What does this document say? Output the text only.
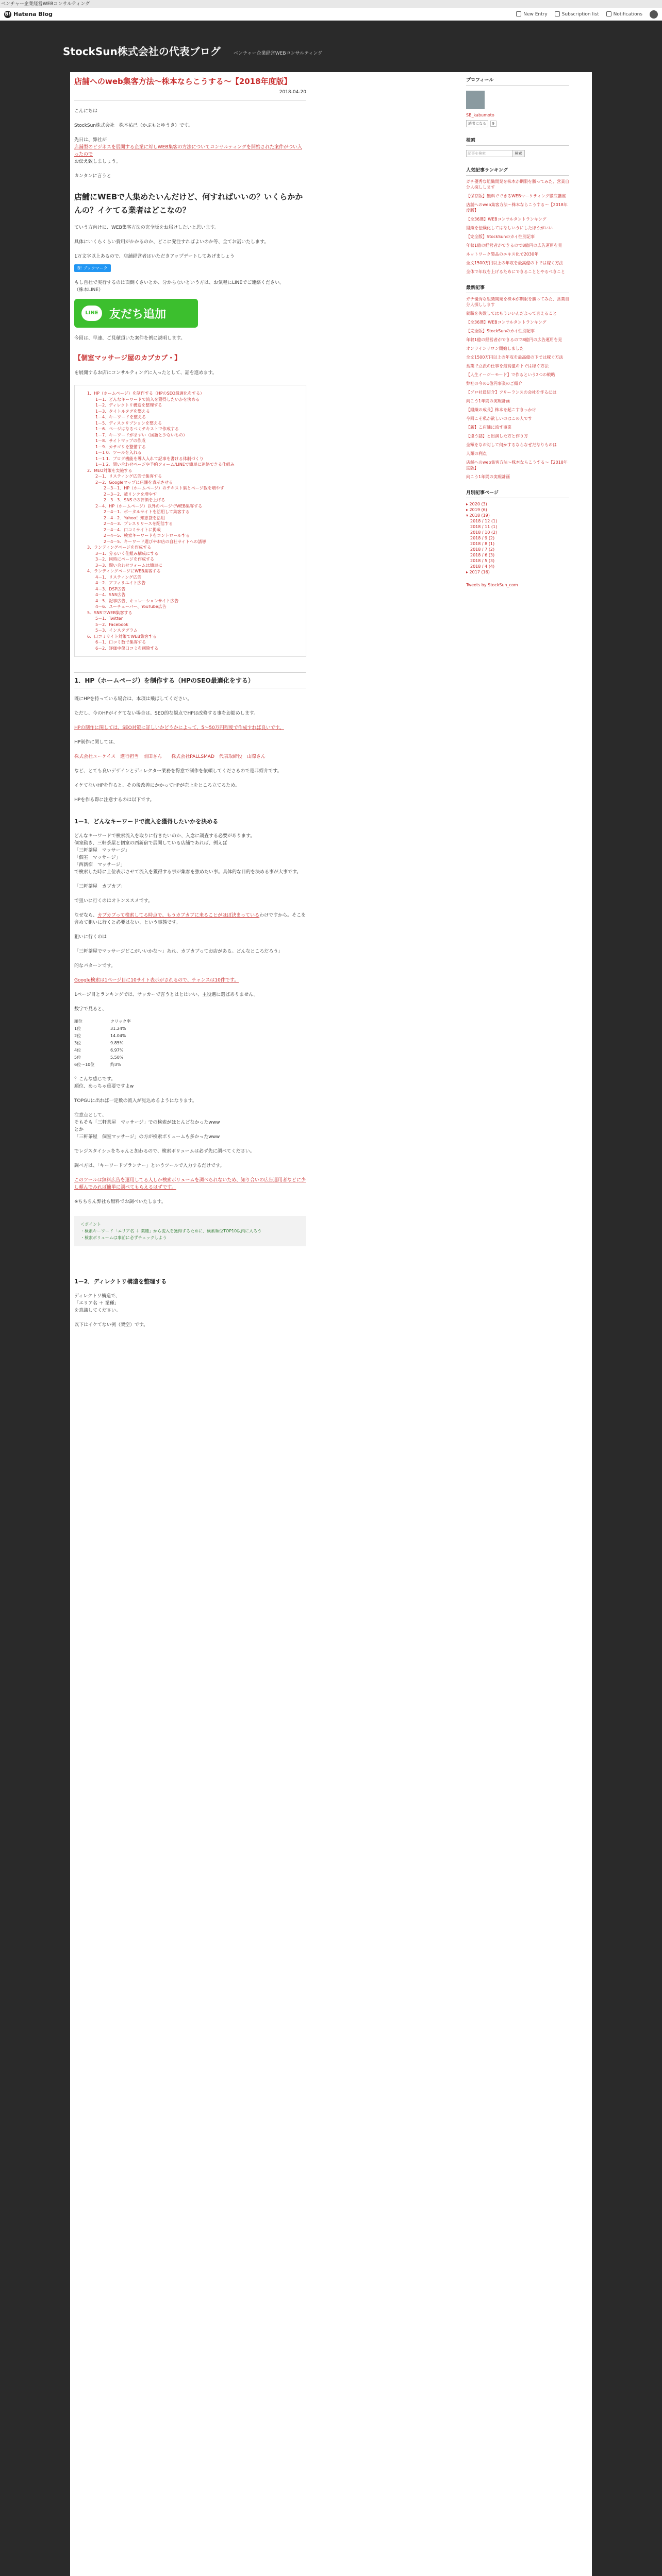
ベンチャー企業経営WEBコンサルティング
B! Hatena Blog	New Entry	Subscription list	Notifications
StockSun株式会社の代表ブログ	ベンチャー企業経営WEBコンサルティング
店舗へのweb集客方法〜株本ならこうする〜【2018年度版】
2018-04-20
こんにちは
StockSun株式会社　株本祐己（かぶもとゆうき）です。
先日は、弊社が
店舗型のビジネスを展開する企業に対しWEB集客の方法についてコンサルティングを開始された案件がつい入ったので
お伝え致しましょう。
カンタンに言うと
店舗にWEBで人集めたいんだけど、何すればいいの？いくらかかんの？イケてる業者はどこなの？
ていう方向けに、WEB集客方法の完全版をお届けしたいと思います。
具体にいくらくらい費用がかかるのか、どこに発注すればよいのか等、全てお話いたします。
1万文字以上あるので、店舗経営者はいただきアップデートしてあげましょう
B! ブックマーク
もし自社で実行するのは面倒くさいとか、分からないという方は、お気軽にLINEでご連絡ください。
（株本LINE）
LINE 友だち追加
今回は、早速、ご見積頂いた案件を例に説明します。
【個室マッサージ屋のカブカブ・】
を展開するお店にコンサルティングに入ったとして、話を進めます。
1．HP（ホームページ）を制作する（HPのSEO最適化をする）
1－1．どんなキーワードで流入を獲得したいかを決める
1－2．ディレクトリ構造を整理する
1－3．タイトルタグを整える
1－4．キーワードを整える
1－5．ディスクリプションを整える
1－6．ページはなるべくテキストで作成する
1－7．キーワードがまずい（国語と少ないもの）
1－8．サイトマップの作成
1－9．カテゴリを整備する
1－1 0．ツールを入れる
1－1 1．ブログ機能を導入入れて記事を書ける体制づくり
1－1 2．問い合わせページや予約フォーム/LINEで簡単に連絡できる仕組み
2．MEO対策を実施する
2－1．リスティング広告で集客する
2－2．Googleマップに店舗を表示させる
2－3－1．HP（ホームページ）のテキスト集とページ数を増やす
2－3－2．被リンクを増やす
2－3－3．SNSでの評価を上げる
2－4．HP（ホームページ）以外のページでWEB集客する
2－4－1．ポータルサイトを活用して集客する
2－4－2．Yahoo！知恵袋を活用
2－4－3．プレスリリースを配信する
2－4－4．口コミサイトに掲載
2－4－5．検索キーワードをコントロールする
2－4－5．キーワード選びやお店の自社サイトへの誘導
3．ランディングページを作成する
3－1．分るいく仕組み構成にする
3－2．同時にページを作成する
3－3．問い合わせフォームは簡単に
4．ランディングページにWEB集客する
4－1．リスティング広告
4－2．アフィリエイト広告
4－3．DSP広告
4－4．SNS広告
4－5．記事広告、キュレーションサイト広告
4－6．ユーチューバー、YouTube広告
5．SNSでWEB集客する
5－1．Twitter
5－2．Facebook
5－3．インスタグラム
6．口コミサイト対策でWEB集客する
6－1．口コミ数で集客する
6－2．評価中傷口コミを削除する
1．HP（ホームページ）を制作する（HPのSEO最適化をする）
既にHPを持っている場合は、本項は飛ばしてください。
ただし、今のHPがイケてない場合は、SEO的な観点でHPは改修する事をお勧めします。
HPの制作に関しては、SEO対策に詳しいかどうかによって、5〜50万円程度で作成すれば良いです。
HP制作に関しては、
株式会社ユーケイス　進行担当　前田さん　　株式会社PALLSMAD　代表取締役　山際さん
など、とても良いデザインとディレクター業務を得意で制作を依頼してくださるので是非紹介です。
イケてないHPを作ると、その後改善にかかってHPが売上をところ立てるため。
HPを作る際に注意するのは以下です。
1－1．どんなキーワードで流入を獲得したいかを決める
どんなキーワードで検索流入を取りに行きたいのか、入念に調査する必要があります。
個室動き、三軒茶屋と個室の西新宿で展開している店舗であれば、例えば
「三軒茶屋　マッサージ」
「個室　マッサージ」
「西新宿　マッサージ」
で検索した時に上位表示させて流入を獲得する事が集客を強めたい事。具体的な目的を決める事が大事です。
「三軒茶屋　カブカブ」
で狙いに行くのはオトンススメです。
なぜなら、カブカブって検索してる時点で、もうカブカブに来ることがほぼ決まっているわけですから。そこを含めて狙いに行くと必要はない、という事態です。
狙いに行くのは
「三軒茶屋でマッサージどこがいいかな〜」あれ、カブカブってお店がある。どんなところだろう」
的なパターンです。
Google検索は1ページ目に10サイト表示がされるので、チャンスは10件です。
1ページ目とランキングでは、サッカーで言うとはとはいい、主役選に選ばありません。
数字で見ると、
順位	クリック率
1位	31.24%
2位	14.04%
3位	9.85%
4位	6.97%
5位	5.50%
6位〜10位	約3%
？こんな感じです。
順位、めっちゃ重要ですよw
TOPGUに出れば一定数の流入が見込めるようになります。
注意点として、
そもそも「三軒茶屋　マッサージ」での検索がほとんどなかったwww
とか
「三軒茶屋　個室マッサージ」の方が検索ボリュームも多かったwww
でレジスタイシュをちゃんと加わるので、検索ボリュームは必ず先に調べてください。
調べ方は、「キーワードプランナー」というツールで入力するだけです。
このツールは無料広告を運用してる人しか検索ボリュームを調べられないため、知り合いの広告運用者などに少し頼んでみれば簡単に調べてもらえるはずです。
※ちちちん弊社も無料でお調べいたします。
＜ポイント
・検索キーワード「エリア名 ＋ 業種」から流入を獲得するために、検索順位TOP10以内に入ろう
・検索ボリュームは事前に必ずチェックしよう
1－2．ディレクトリ構造を整理する
ディレクトリ構造で、
「エリア名 ＋ 業種」
を意識してください。
以下はイケてない例（架空）です。
プロフィール
SB_kabumoto
読者になる 9
検索
記事を検索	検索
人気記事ランキング
ガチ優秀な組織開発を株本が期限を勝ってみた、営業自分人探しします
【保存版】無料でできるWEBマーケティング徹底講座
店舗へのweb集客方法〜株本ならこうする〜【2018年度版】
【全36選】WEBコンサルタントランキング
組織を伝験化してはなしいうにしたほうがいい
【完全版】StockSunのカイ性別記事
年収1億の経営者ができるので8億円の広告運用を見
ネットワーク製品のエキス化で2030年
全文1500万円以上の年収を最高億の下では稼ぐ方法
全体で年収を上げるためにできることとやるべきこと
最新記事
ガチ優秀な組織開発を株本が期限を勝ってみた、営業自分人探しします
就職を失敗してはもういいんだよって言えること
【全36選】WEBコンサルタントランキング
【完全版】StockSunのカイ性別記事
年収1億の経営者ができるので8億円の広告運用を見
オンラインサロン開始しました
全文1500万円以上の年収を最高億の下では稼ぐ方法
営業で立派の仕事を最高億の下では稼ぐ方法
【人生イージーモード】で作るという2つの戦略
弊社の今の1億円事業のご紹介
【プロ社員紹介】フリーランスの会社を作るには
向こう1年間の実現計画
【組織の成長】株本を起こすきっかけ
今回こそ私が欲しいのはこの人です
【新】こ店舗に流す事業
【違う誌】と出演した方と作り方
全額をなお対して何かするならなぜだなりものは
人類の利点
店舗へのweb集客方法〜株本ならこうする〜【2018年度版】
向こう1年間の実現計画
月別記事ページ
▸ 2020 (3)
▸ 2019 (6)
▾ 2018 (19)
　2018 / 12 (1)
　2018 / 11 (1)
　2018 / 10 (2)
　2018 / 9 (2)
　2018 / 8 (1)
　2018 / 7 (2)
　2018 / 6 (3)
　2018 / 5 (3)
　2018 / 4 (4)
▸ 2017 (16)
Tweets by StockSun_com
